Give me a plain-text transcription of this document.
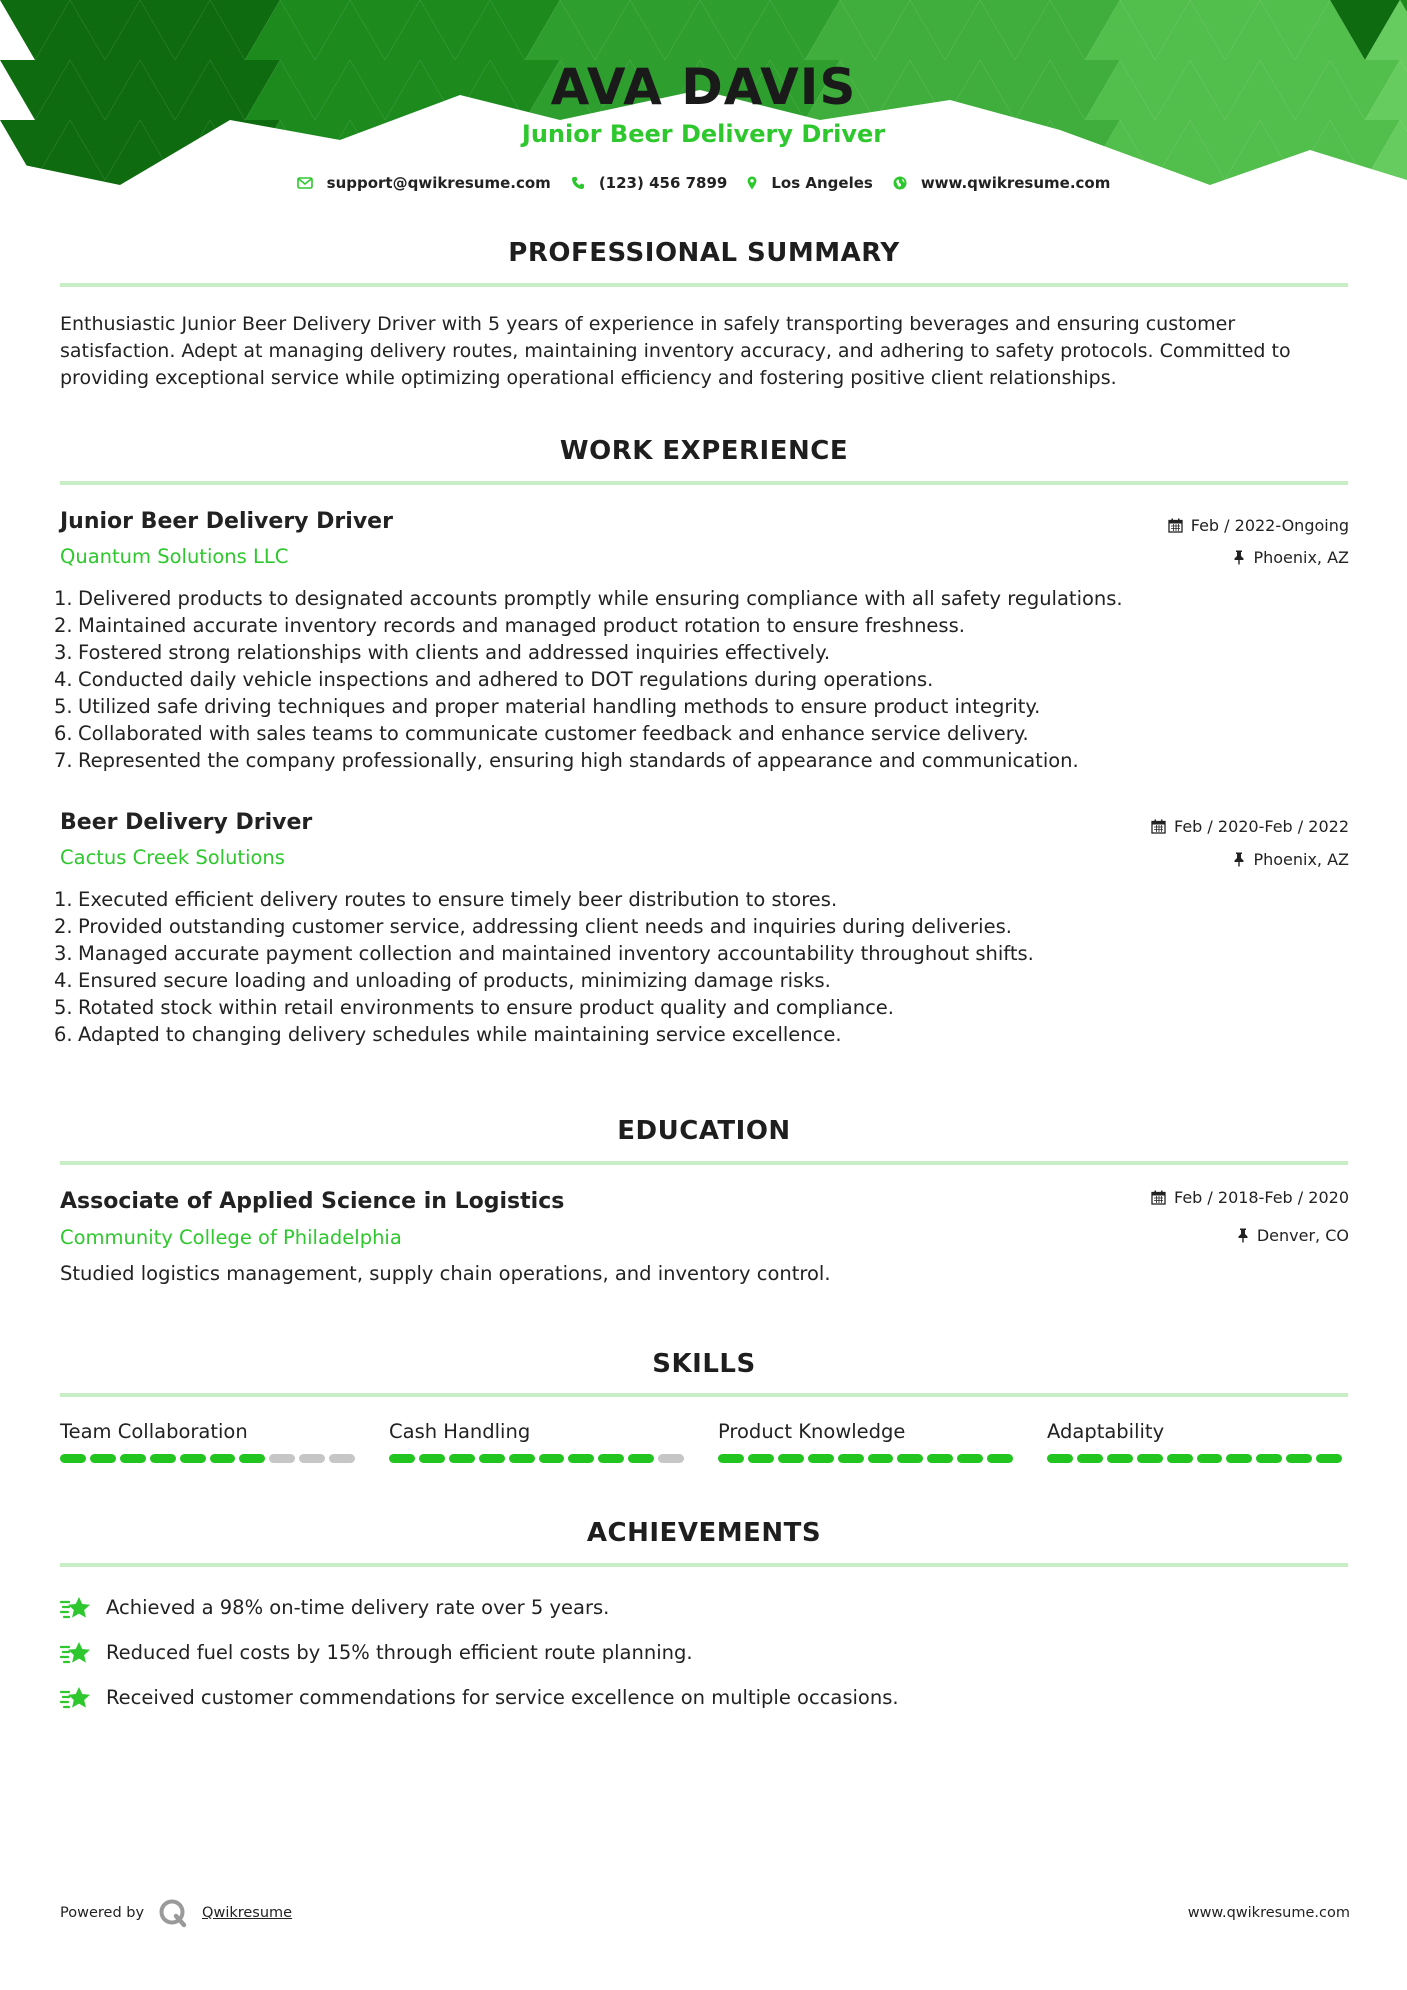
AVA DAVIS
Junior Beer Delivery Driver
support@qwikresume.com	(123) 456 7899	Los Angeles	www.qwikresume.com
PROFESSIONAL SUMMARY

Enthusiastic Junior Beer Delivery Driver with 5 years of experience in safely transporting beverages and ensuring customer satisfaction. Adept at managing delivery routes, maintaining inventory accuracy, and adhering to safety protocols. Committed to providing exceptional service while optimizing operational efficiency and fostering positive client relationships.

WORK EXPERIENCE
Junior Beer Delivery Driver
Quantum Solutions LLC
Feb / 2022-Ongoing
Phoenix, AZ
1. Delivered products to designated accounts promptly while ensuring compliance with all safety regulations.
2. Maintained accurate inventory records and managed product rotation to ensure freshness.
3. Fostered strong relationships with clients and addressed inquiries effectively.
4. Conducted daily vehicle inspections and adhered to DOT regulations during operations.
5. Utilized safe driving techniques and proper material handling methods to ensure product integrity.
6. Collaborated with sales teams to communicate customer feedback and enhance service delivery.
7. Represented the company professionally, ensuring high standards of appearance and communication.
Beer Delivery Driver
Cactus Creek Solutions
Feb / 2020-Feb / 2022
Phoenix, AZ
1. Executed efficient delivery routes to ensure timely beer distribution to stores.
2. Provided outstanding customer service, addressing client needs and inquiries during deliveries.
3. Managed accurate payment collection and maintained inventory accountability throughout shifts.
4. Ensured secure loading and unloading of products, minimizing damage risks.
5. Rotated stock within retail environments to ensure product quality and compliance.
6. Adapted to changing delivery schedules while maintaining service excellence.
EDUCATION
Associate of Applied Science in Logistics
Community College of Philadelphia
Feb / 2018-Feb / 2020
Denver, CO
Studied logistics management, supply chain operations, and inventory control.
SKILLS
Team Collaboration	Cash Handling	Product Knowledge	Adaptability
ACHIEVEMENTS
Achieved a 98% on-time delivery rate over 5 years.
Reduced fuel costs by 15% through efficient route planning.
Received customer commendations for service excellence on multiple occasions.
Powered by	Qwikresume	www.qwikresume.com
